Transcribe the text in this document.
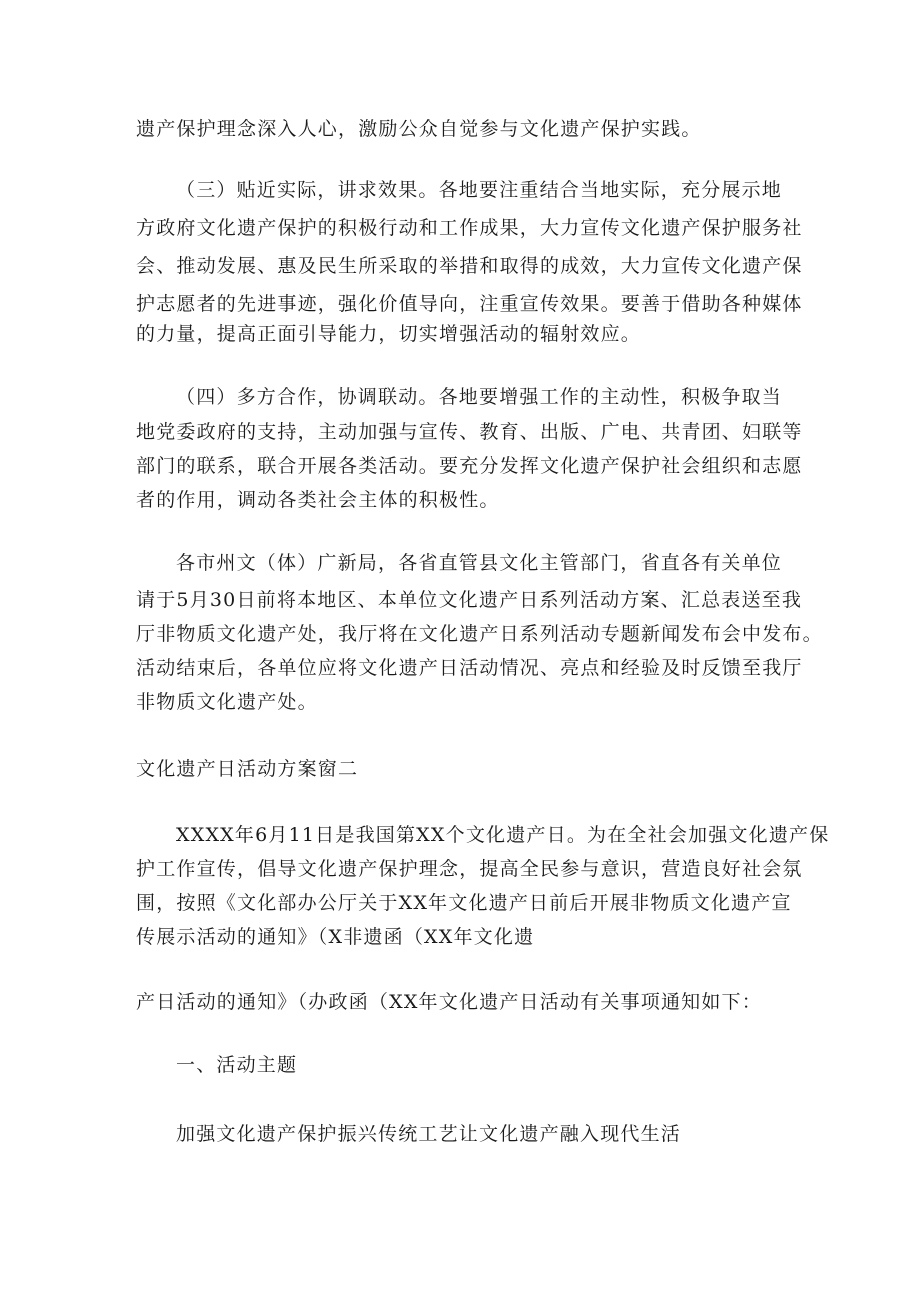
遗产保护理念深入人心，激励公众自觉参与文化遗产保护实践。
（三）贴近实际，讲求效果。各地要注重结合当地实际，充分展示地
方政府文化遗产保护的积极行动和工作成果，大力宣传文化遗产保护服务社
会、推动发展、惠及民生所采取的举措和取得的成效，大力宣传文化遗产保
护志愿者的先进事迹，强化价值导向，注重宣传效果。要善于借助各种媒体
的力量，提高正面引导能力，切实增强活动的辐射效应。
（四）多方合作，协调联动。各地要增强工作的主动性，积极争取当
地党委政府的支持，主动加强与宣传、教育、出版、广电、共青团、妇联等
部门的联系，联合开展各类活动。要充分发挥文化遗产保护社会组织和志愿
者的作用，调动各类社会主体的积极性。
各市州文（体）广新局，各省直管县文化主管部门，省直各有关单位
请于5月30日前将本地区、本单位文化遗产日系列活动方案、汇总表送至我
厅非物质文化遗产处，我厅将在文化遗产日系列活动专题新闻发布会中发布。
活动结束后，各单位应将文化遗产日活动情况、亮点和经验及时反馈至我厅
非物质文化遗产处。
文化遗产日活动方案窗二
XXXX年6月11日是我国第XX个文化遗产日。为在全社会加强文化遗产保
护工作宣传，倡导文化遗产保护理念，提高全民参与意识，营造良好社会氛
围，按照《文化部办公厅关于XX年文化遗产日前后开展非物质文化遗产宣
传展示活动的通知》（X非遗函（XX年文化遗
产日活动的通知》（办政函（XX年文化遗产日活动有关事项通知如下：
一、活动主题
加强文化遗产保护振兴传统工艺让文化遗产融入现代生活
